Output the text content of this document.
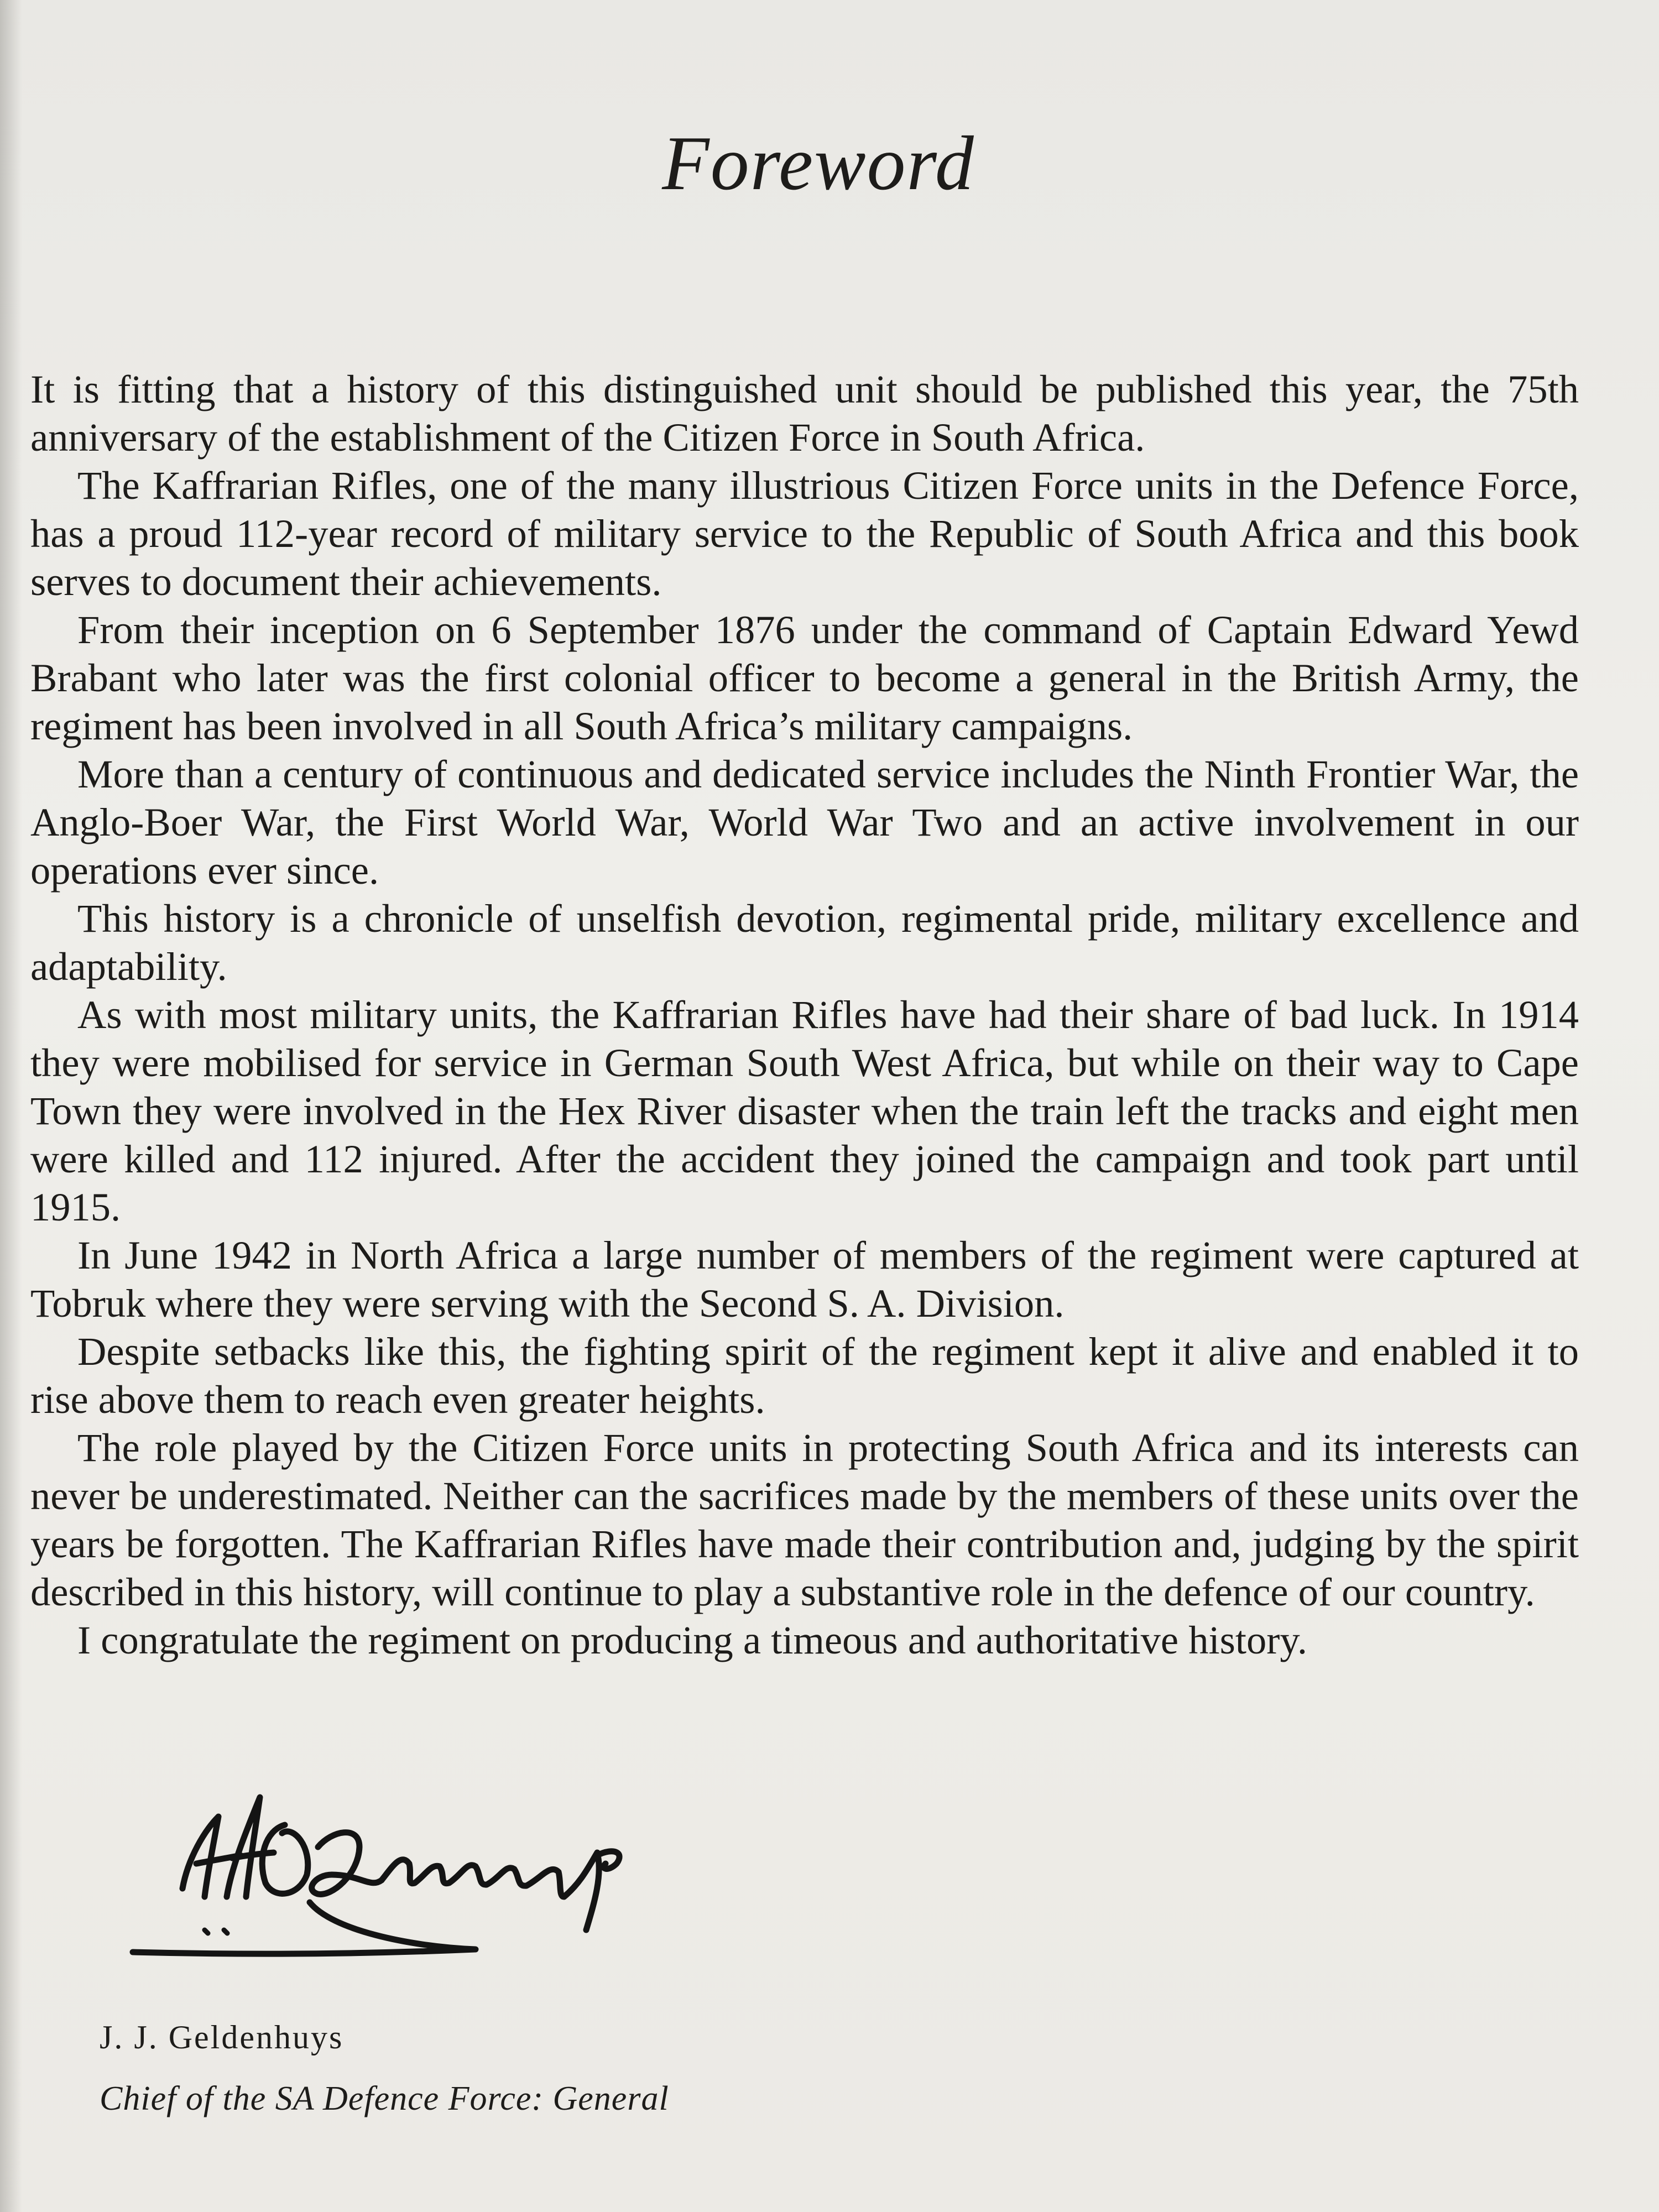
Foreword

It is fitting that a history of this distinguished unit should be published this year, the 75th anniversary of the establishment of the Citizen Force in South Africa.

The Kaffrarian Rifles, one of the many illustrious Citizen Force units in the Defence Force, has a proud 112-year record of military service to the Republic of South Africa and this book serves to document their achievements.

From their inception on 6 September 1876 under the command of Captain Edward Yewd Brabant who later was the first colonial officer to become a general in the British Army, the regiment has been involved in all South Africa’s military campaigns.

More than a century of continuous and dedicated service includes the Ninth Frontier War, the Anglo-Boer War, the First World War, World War Two and an active involvement in our operations ever since.

This history is a chronicle of unselfish devotion, regimental pride, military excellence and adaptability.

As with most military units, the Kaffrarian Rifles have had their share of bad luck. In 1914 they were mobilised for service in German South West Africa, but while on their way to Cape Town they were involved in the Hex River disaster when the train left the tracks and eight men were killed and 112 injured. After the accident they joined the campaign and took part until 1915.

In June 1942 in North Africa a large number of members of the regiment were captured at Tobruk where they were serving with the Second S. A. Division.

Despite setbacks like this, the fighting spirit of the regiment kept it alive and enabled it to rise above them to reach even greater heights.

The role played by the Citizen Force units in protecting South Africa and its interests can never be underestimated. Neither can the sacrifices made by the members of these units over the years be forgotten. The Kaffrarian Rifles have made their contribution and, judging by the spirit described in this history, will continue to play a substantive role in the defence of our country.

I congratulate the regiment on producing a timeous and authoritative history.

J. J. Geldenhuys
Chief of the SA Defence Force: General
